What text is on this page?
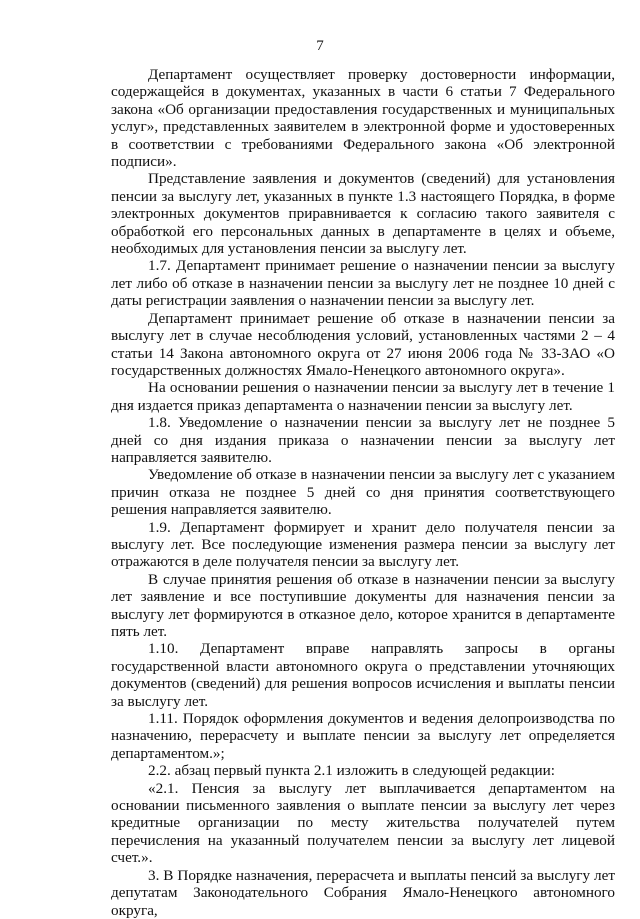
7

Департамент осуществляет проверку достоверности информации, содержащейся в документах, указанных в части 6 статьи 7 Федерального закона «Об организации предоставления государственных и муниципальных услуг», представленных заявителем в электронной форме и удостоверенных в соответствии с требованиями Федерального закона «Об электронной подписи».

Представление заявления и документов (сведений) для установления пенсии за выслугу лет, указанных в пункте 1.3 настоящего Порядка, в форме электронных документов приравнивается к согласию такого заявителя с обработкой его персональных данных в департаменте в целях и объеме, необходимых для установления пенсии за выслугу лет.

1.7. Департамент принимает решение о назначении пенсии за выслугу лет либо об отказе в назначении пенсии за выслугу лет не позднее 10 дней с даты регистрации заявления о назначении пенсии за выслугу лет.

Департамент принимает решение об отказе в назначении пенсии за выслугу лет в случае несоблюдения условий, установленных частями 2 – 4 статьи 14 Закона автономного округа от 27 июня 2006 года № 33-ЗАО «О государственных должностях Ямало-Ненецкого автономного округа».

На основании решения о назначении пенсии за выслугу лет в течение 1 дня издается приказ департамента о назначении пенсии за выслугу лет.

1.8. Уведомление о назначении пенсии за выслугу лет не позднее 5 дней со дня издания приказа о назначении пенсии за выслугу лет направляется заявителю.

Уведомление об отказе в назначении пенсии за выслугу лет с указанием причин отказа не позднее 5 дней со дня принятия соответствующего решения направляется заявителю.

1.9. Департамент формирует и хранит дело получателя пенсии за выслугу лет. Все последующие изменения размера пенсии за выслугу лет отражаются в деле получателя пенсии за выслугу лет.

В случае принятия решения об отказе в назначении пенсии за выслугу лет заявление и все поступившие документы для назначения пенсии за выслугу лет формируются в отказное дело, которое хранится в департаменте пять лет.

1.10. Департамент вправе направлять запросы в органы государственной власти автономного округа о представлении уточняющих документов (сведений) для решения вопросов исчисления и выплаты пенсии за выслугу лет.

1.11. Порядок оформления документов и ведения делопроизводства по назначению, перерасчету и выплате пенсии за выслугу лет определяется департаментом.»;

2.2. абзац первый пункта 2.1 изложить в следующей редакции:

«2.1. Пенсия за выслугу лет выплачивается департаментом на основании письменного заявления о выплате пенсии за выслугу лет через кредитные организации по месту жительства получателей путем перечисления на указанный получателем пенсии за выслугу лет лицевой счет.».

3. В Порядке назначения, перерасчета и выплаты пенсий за выслугу лет депутатам Законодательного Собрания Ямало-Ненецкого автономного округа,
